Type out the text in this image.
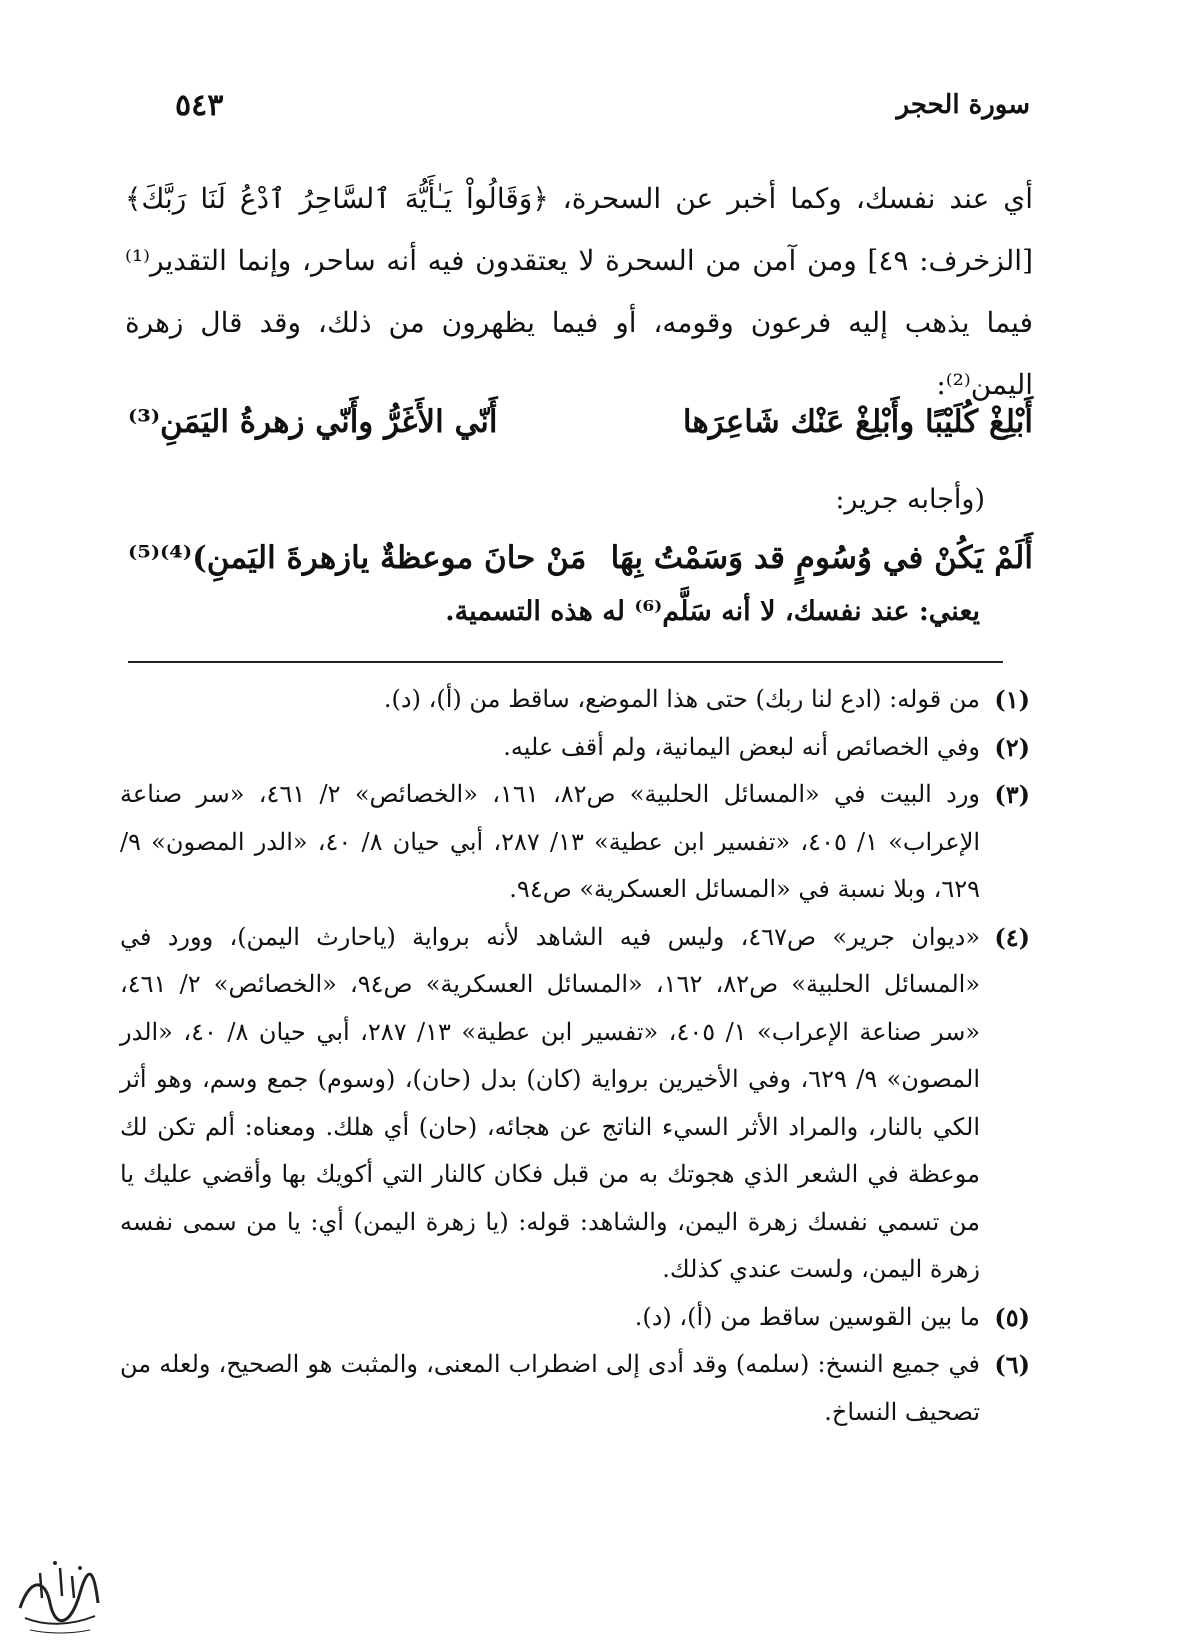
سورة الحجر
٥٤٣

أي عند نفسك، وكما أخبر عن السحرة، ﴿وَقَالُواْ يَـٰأَيُّهَ ٱلسَّاحِرُ ٱدْعُ لَنَا رَبَّكَ﴾ [الزخرف: ٤٩] ومن آمن من السحرة لا يعتقدون فيه أنه ساحر، وإنما التقدير⁽¹⁾ فيما يذهب إليه فرعون وقومه، أو فيما يظهرون من ذلك، وقد قال زهرة اليمن⁽²⁾:

أَبْلِغْ كُلَيْبًا وأَبْلِغْ عَنْك شَاعِرَها
أَنّي الأَغَرُّ وأَنّي زهرةُ اليَمَنِ⁽³⁾
(وأجابه جرير:
أَلَمْ يَكُنْ في وُسُومٍ قد وَسَمْتُ بِهَا
مَنْ حانَ موعظةٌ يازهرةَ اليَمنِ)⁽⁴⁾⁽⁵⁾
يعني: عند نفسك، لا أنه سَلَّم⁽⁶⁾ له هذه التسمية.
(١)
من قوله: (ادع لنا ربك) حتى هذا الموضع، ساقط من (أ)، (د).
(٢)
وفي الخصائص أنه لبعض اليمانية، ولم أقف عليه.
(٣)
ورد البيت في «المسائل الحلبية» ص٨٢، ١٦١، «الخصائص» ٢/ ٤٦١، «سر صناعة الإعراب» ١/ ٤٠٥، «تفسير ابن عطية» ١٣/ ٢٨٧، أبي حيان ٨/ ٤٠، «الدر المصون» ٩/ ٦٢٩، وبلا نسبة في «المسائل العسكرية» ص٩٤.
(٤)
«ديوان جرير» ص٤٦٧، وليس فيه الشاهد لأنه برواية (ياحارث اليمن)، وورد في «المسائل الحلبية» ص٨٢، ١٦٢، «المسائل العسكرية» ص٩٤، «الخصائص» ٢/ ٤٦١، «سر صناعة الإعراب» ١/ ٤٠٥، «تفسير ابن عطية» ١٣/ ٢٨٧، أبي حيان ٨/ ٤٠، «الدر المصون» ٩/ ٦٢٩، وفي الأخيرين برواية (كان) بدل (حان)، (وسوم) جمع وسم، وهو أثر الكي بالنار، والمراد الأثر السيء الناتج عن هجائه، (حان) أي هلك. ومعناه: ألم تكن لك موعظة في الشعر الذي هجوتك به من قبل فكان كالنار التي أكويك بها وأقضي عليك يا من تسمي نفسك زهرة اليمن، والشاهد: قوله: (يا زهرة اليمن) أي: يا من سمى نفسه زهرة اليمن، ولست عندي كذلك.
(٥)
ما بين القوسين ساقط من (أ)، (د).
(٦)
في جميع النسخ: (سلمه) وقد أدى إلى اضطراب المعنى، والمثبت هو الصحيح، ولعله من تصحيف النساخ.
